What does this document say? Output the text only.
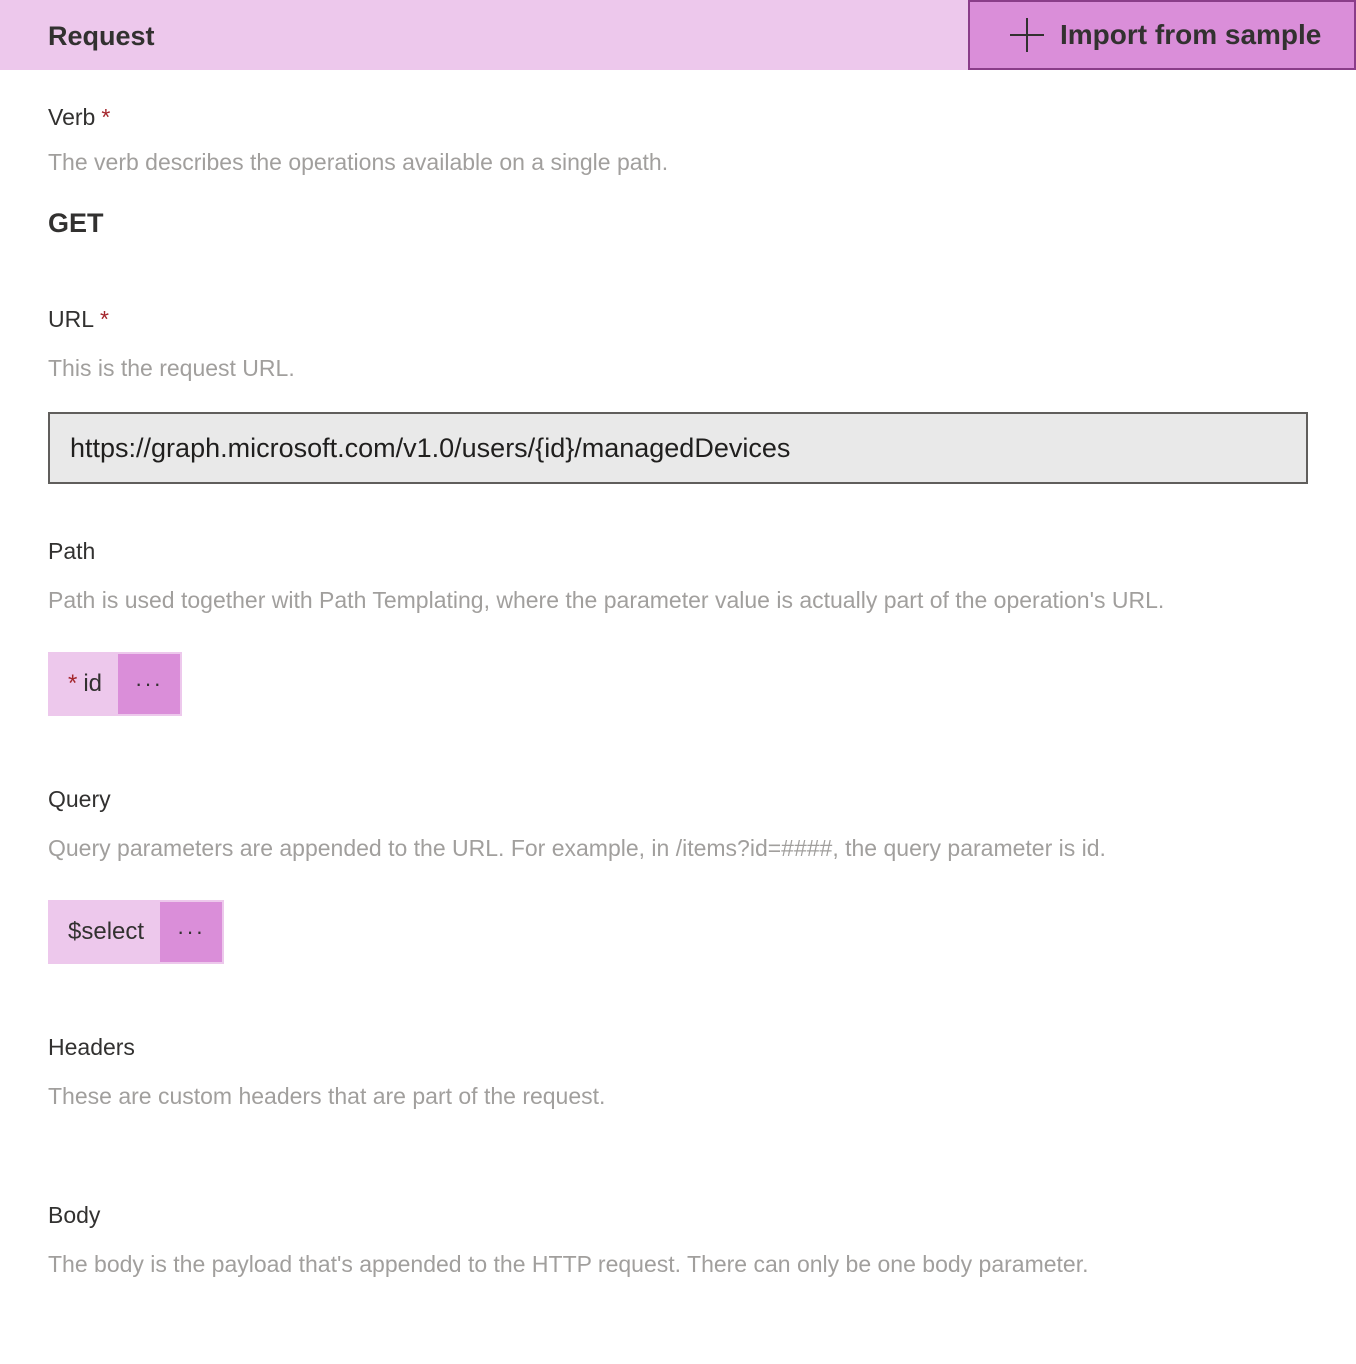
Request	Import from sample
Verb *
The verb describes the operations available on a single path.
GET
URL *
This is the request URL.
https://graph.microsoft.com/v1.0/users/{id}/managedDevices
Path
Path is used together with Path Templating, where the parameter value is actually part of the operation's URL.
* id	···
Query
Query parameters are appended to the URL. For example, in /items?id=####, the query parameter is id.
$select	···
Headers
These are custom headers that are part of the request.
Body
The body is the payload that's appended to the HTTP request. There can only be one body parameter.
